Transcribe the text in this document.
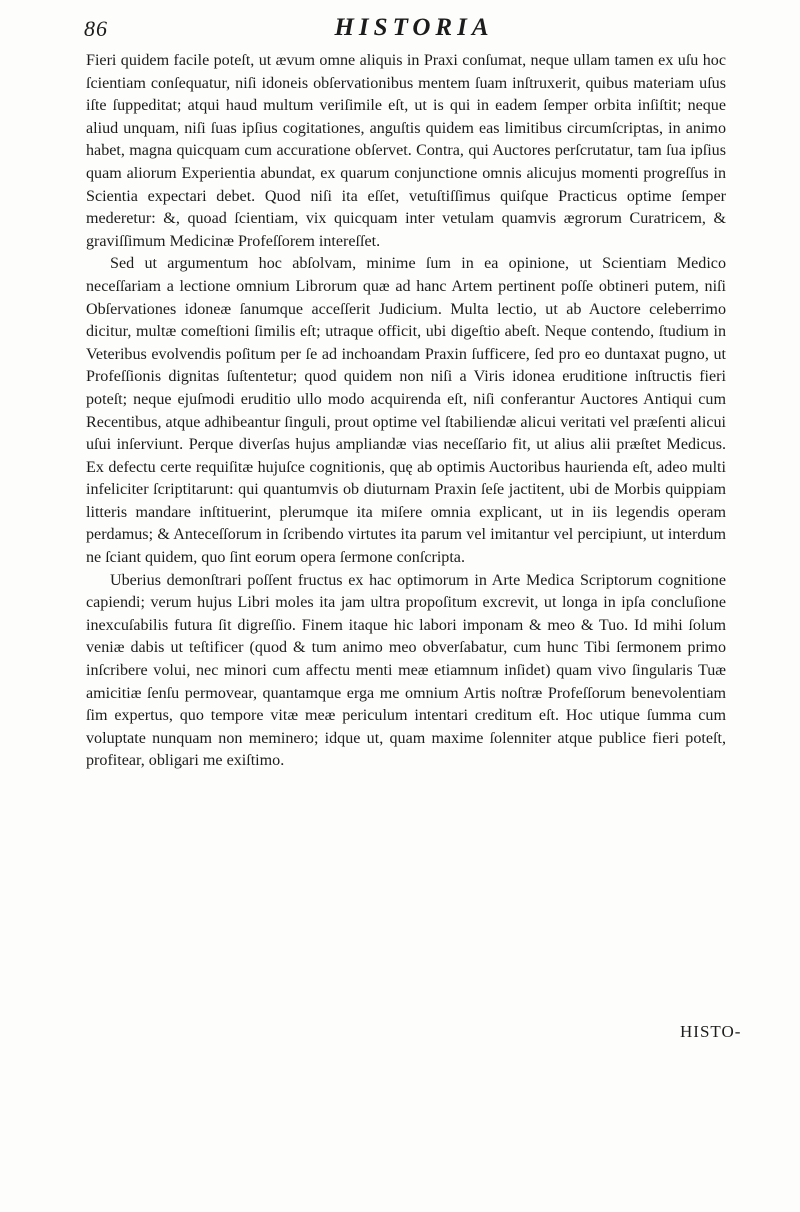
86	HISTORIA

Fieri quidem facile poteſt, ut ævum omne aliquis in Praxi conſumat, neque ullam tamen ex uſu hoc ſcientiam conſequatur, niſi idoneis obſervationibus mentem ſuam inſtruxerit, quibus materiam uſus iſte ſuppeditat; atqui haud multum veriſimile eſt, ut is qui in eadem ſemper orbita inſiſtit; neque aliud unquam, niſi ſuas ipſius cogitationes, anguſtis quidem eas limitibus circumſcriptas, in animo habet, magna quicquam cum accuratione obſervet. Contra, qui Auctores perſcrutatur, tam ſua ipſius quam aliorum Experientia abundat, ex quarum conjunctione omnis alicujus momenti progreſſus in Scientia expectari debet. Quod niſi ita eſſet, vetuſtiſſimus quiſque Practicus optime ſemper mederetur: &, quoad ſcientiam, vix quicquam inter vetulam quamvis ægrorum Curatricem, & graviſſimum Medicinæ Profeſſorem intereſſet.

Sed ut argumentum hoc abſolvam, minime ſum in ea opinione, ut Scientiam Medico neceſſariam a lectione omnium Librorum quæ ad hanc Artem pertinent poſſe obtineri putem, niſi Obſervationes idoneæ ſanumque acceſſerit Judicium. Multa lectio, ut ab Auctore celeberrimo dicitur, multæ comeſtioni ſimilis eſt; utraque officit, ubi digeſtio abeſt. Neque contendo, ſtudium in Veteribus evolvendis poſitum per ſe ad inchoandam Praxin ſufficere, ſed pro eo duntaxat pugno, ut Profeſſionis dignitas ſuſtentetur; quod quidem non niſi a Viris idonea eruditione inſtructis fieri poteſt; neque ejuſmodi eruditio ullo modo acquirenda eſt, niſi conferantur Auctores Antiqui cum Recentibus, atque adhibeantur ſinguli, prout optime vel ſtabiliendæ alicui veritati vel præſenti alicui uſui inſerviunt. Perque diverſas hujus ampliandæ vias neceſſario fit, ut alius alii præſtet Medicus. Ex defectu certe requiſitæ hujuſce cognitionis, quę ab optimis Auctoribus haurienda eſt, adeo multi infeliciter ſcriptitarunt: qui quantumvis ob diuturnam Praxin ſeſe jactitent, ubi de Morbis quippiam litteris mandare inſtituerint, plerumque ita miſere omnia explicant, ut in iis legendis operam perdamus; & Anteceſſorum in ſcribendo virtutes ita parum vel imitantur vel percipiunt, ut interdum ne ſciant quidem, quo ſint eorum opera ſermone conſcripta.

Uberius demonſtrari poſſent fructus ex hac optimorum in Arte Medica Scriptorum cognitione capiendi; verum hujus Libri moles ita jam ultra propoſitum excrevit, ut longa in ipſa concluſione inexcuſabilis futura ſit digreſſio. Finem itaque hic labori imponam & meo & Tuo. Id mihi ſolum veniæ dabis ut teſtificer (quod & tum animo meo obverſabatur, cum hunc Tibi ſermonem primo inſcribere volui, nec minori cum affectu menti meæ etiamnum inſidet) quam vivo ſingularis Tuæ amicitiæ ſenſu permovear, quantamque erga me omnium Artis noſtræ Profeſſorum benevolentiam ſim expertus, quo tempore vitæ meæ periculum intentari creditum eſt. Hoc utique ſumma cum voluptate nunquam non meminero; idque ut, quam maxime ſolenniter atque publice fieri poteſt, profitear, obligari me exiſtimo.

HISTO-
